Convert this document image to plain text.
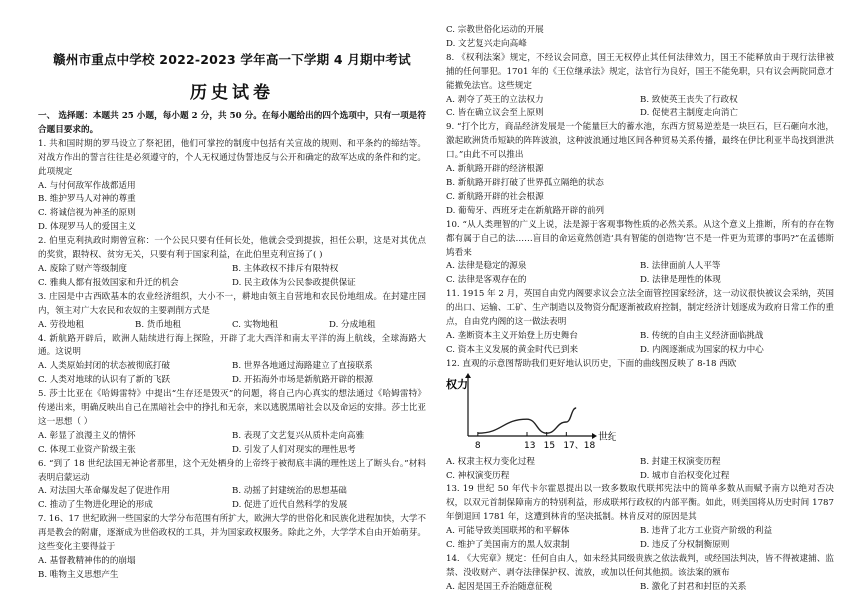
赣州市重点中学校 2022-2023 学年高一下学期 4 月期中考试
历史试卷

一、 选择题：本题共 25 小题，每小题 2 分，共 50 分。在每小题给出的四个选项中，只有一项是符合题目要求的。

1. 共和国时期的罗马设立了祭祀团，他们可掌控的制度中包括有关宣战的规则、和平条约的缔结等。对战方作出的誓言往往是必须遵守的，个人无权通过伪誓违反与公开和确定的敌军达成的条件和约定。此项规定

A. 与付何敌军作战都适用

B. 维护罗马人对神的尊重

C. 将诚信视为神圣的原则

D. 体现罗马人的爱国主义

2. 伯里克利执政时期曾宣称：一个公民只要有任何长处，他就会受到提拔，担任公职，这是对其优点的奖赏，跟特权、贫穷无关，只要有利于国家利益，在此伯里克利宣扬了( )

A. 废除了财产等级制度	B. 主体政权不排斥有限特权
C. 雅典人都有报效国家和升迁的机会	D. 民主政体为公民参政提供保证

3. 庄园是中古西欧基本的农业经济组织，大小不一，耕地由领主自营地和农民份地组成。在封建庄园内，领主对广大农民和农奴的主要剥削方式是

A. 劳役地租	B. 货币地租	C. 实物地租	D. 分成地租

4. 新航路开辟后，欧洲人陆续进行海上探险，开辟了北大西洋和南太平洋的海上航线，全球海路大通。这说明

A. 人类原始封闭的状态被彻底打破	B. 世界各地通过海路建立了直接联系
C. 人类对地球的认识有了新的飞跃	D. 开拓海外市场是新航路开辟的根源

5. 莎士比亚在《哈姆雷特》中提出“生存还是毁灭”的问题，将自己内心真实的想法通过《哈姆雷特》传递出来，明确反映出自己在黑暗社会中的挣扎和无奈，来以逃脱黑暗社会以及命运的安排。莎士比亚这一思想（ ）

A. 彰显了浪漫主义的情怀	B. 表现了文艺复兴从质朴走向高雅
C. 体现工业资产阶级主张	D. 引发了人们对现实的理性思考

6. “到了 18 世纪法国无神论者那里，这个无处栖身的上帝终于被彻底丰满的理性送上了断头台。”材料表明启蒙运动

A. 对法国大革命爆发起了促进作用	B. 动摇了封建统治的思想基础
C. 推动了生物进化理论的形成	D. 促进了近代自然科学的发展

7. 16、17 世纪欧洲一些国家的大学分布范围有所扩大，欧洲大学的世俗化和民族化进程加快，大学不再是教会的附庸，逐渐成为世俗政权的工具，并为国家政权服务。除此之外，大学学术自由开始萌芽。这些变化主要得益于

A. 基督教精神伟的的崩塌

B. 唯物主义思想产生

C. 宗教世俗化运动的开展

D. 文艺复兴走向高峰

8. 《权利法案》规定，不经议会同意，国王无权停止其任何法律效力，国王不能释放由于现行法律被捕的任何罪犯。1701 年的《王位继承法》规定，法官行为良好，国王不能免职，只有议会两院同意才能撤免法官。这些规定

A. 剥夺了英王的立法权力	B. 致使英王丧失了行政权
C. 皆在确立议会至上原则	D. 促使君主制度走向消亡

9. “打个比方，商品经济发展是一个能量巨大的蓄水池，东西方贸易逆差是一块巨石，巨石砸向水池，激起欧洲货币短缺的阵阵波浪，这种波浪通过地区间各种贸易关系传播，最终在伊比利亚半岛找到泄洪口。”由此不可以推出

A. 新航路开辟的经济根源

B. 新航路开辟打破了世界孤立隔绝的状态

C. 新航路开辟的社会根源

D. 葡萄牙、西班牙走在新航路开辟的前列

10. “从人类理智的广义上说，法是源于客观事物性质的必然关系。从这个意义上推断，所有的存在物都有属于自己的法……盲目的命运竟然创造‘具有智能的创造物’岂不是一件更为荒谬的事吗?”在孟德斯鸠看来

A. 法律是稳定的源泉	B. 法律面前人人平等
C. 法律是客观存在的	D. 法律是理性的体现

11. 1915 年 2 月，英国自由党内阁要求议会立法全面管控国家经济，这一动议很快被议会采纳，英国的出口、运输、工矿、生产制造以及物资分配逐渐被政府控制，制定经济计划逐成为政府日常工作的重点，自由党内阁的这一做法表明

A. 垄断资本主义开始登上历史舞台	B. 传统的自由主义经济面临挑战
C. 资本主义发展的黄金时代已到来	D. 内阁逐渐成为国家的权力中心

12. 直观的示意图帮助我们更好地认识历史，下面的曲线图反映了 8-18 西欧

权力
世纪
8	13 15 17、18
A. 权隶主权力变化过程	B. 封建王权演变历程
C. 神权演变历程	D. 城市自治权变化过程

13. 19 世纪 50 年代卡尔霍恩提出以一致多数取代联邦宪法中的简单多数从而赋予南方以绝对否决权，以双元首制保障南方的特别利益，形成联邦行政权的内部平衡。如此，则美国将从历史时间 1787 年倒退回 1781 年，这遭到林肯的坚决抵制。林肯反对的原因是其

A. 可能导致美国联邦的和平解体	B. 违背了北方工业资产阶级的利益
C. 维护了美国南方的黑人奴隶制	D. 违反了分权制衡原则

14. 《大宪章》规定：任何自由人，如未经其同级贵族之依法裁判，或经国法判决，皆不得被逮捕、监禁、没收财产、剥夺法律保护权、流放，或加以任何其他损。该法案的颁布

A. 起因是国王乔治随意征税	B. 激化了封君和封臣的关系
